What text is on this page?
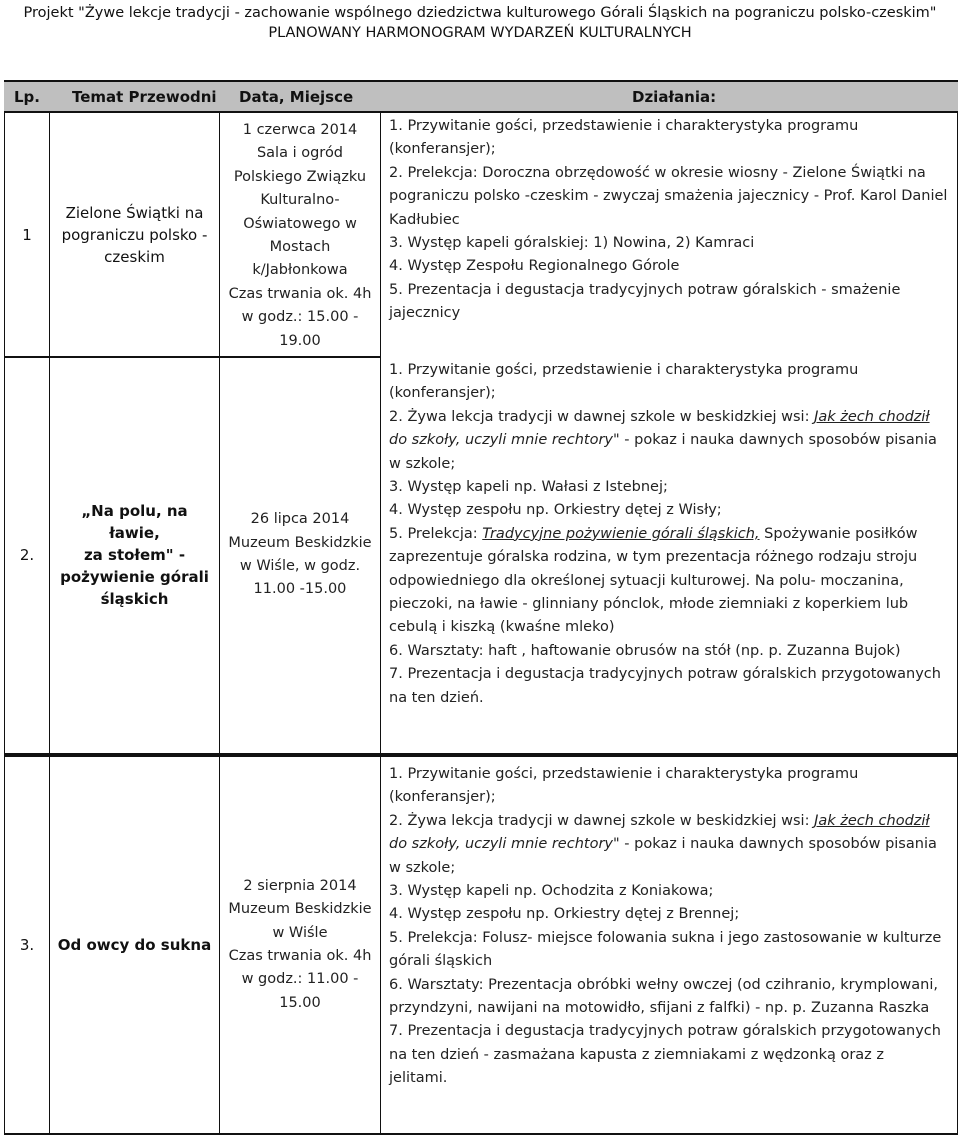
Projekt "Żywe lekcje tradycji - zachowanie wspólnego dziedzictwa kulturowego Górali Śląskich na pograniczu polsko-czeskim"
PLANOWANY HARMONOGRAM WYDARZEŃ KULTURALNYCH
Lp. Temat Przewodni Data, Miejsce	Działania:
1
Zielone Świątki na
pograniczu polsko -
czeskim
1 czerwca 2014
Sala i ogród
Polskiego Związku
Kulturalno-
Oświatowego w
Mostach
k/Jabłonkowa
Czas trwania ok. 4h
w godz.: 15.00 -
19.00
1. Przywitanie gości, przedstawienie i charakterystyka programu
(konferansjer);
2. Prelekcja: Doroczna obrzędowość w okresie wiosny - Zielone Świątki na
pograniczu polsko -czeskim - zwyczaj smażenia jajecznicy - Prof. Karol Daniel
Kadłubiec
3. Występ kapeli góralskiej: 1) Nowina, 2) Kamraci
4. Występ Zespołu Regionalnego Górole
5. Prezentacja i degustacja tradycyjnych potraw góralskich - smażenie
jajecznicy
2.
„Na polu, na ławie,
za stołem" -
pożywienie górali
śląskich
26 lipca 2014
Muzeum Beskidzkie
w Wiśle, w godz.
11.00 -15.00
1. Przywitanie gości, przedstawienie i charakterystyka programu
(konferansjer);
2. Żywa lekcja tradycji w dawnej szkole w beskidzkiej wsi: Jak żech chodził
do szkoły, uczyli mnie rechtory" - pokaz i nauka dawnych sposobów pisania
w szkole;
3. Występ kapeli np. Wałasi z Istebnej;
4. Występ zespołu np. Orkiestry dętej z Wisły;
5. Prelekcja: Tradycyjne pożywienie górali śląskich, Spożywanie posiłków
zaprezentuje góralska rodzina, w tym prezentacja różnego rodzaju stroju
odpowiedniego dla określonej sytuacji kulturowej. Na polu- moczanina,
pieczoki, na ławie - glinniany pónclok, młode ziemniaki z koperkiem lub
cebulą i kiszką (kwaśne mleko)
6. Warsztaty: haft , haftowanie obrusów na stół (np. p. Zuzanna Bujok)
7. Prezentacja i degustacja tradycyjnych potraw góralskich przygotowanych
na ten dzień.
3. Od owcy do sukna
2 sierpnia 2014
Muzeum Beskidzkie
w Wiśle
Czas trwania ok. 4h
w godz.: 11.00 -
15.00
1. Przywitanie gości, przedstawienie i charakterystyka programu
(konferansjer);
2. Żywa lekcja tradycji w dawnej szkole w beskidzkiej wsi: Jak żech chodził
do szkoły, uczyli mnie rechtory" - pokaz i nauka dawnych sposobów pisania
w szkole;
3. Występ kapeli np. Ochodzita z Koniakowa;
4. Występ zespołu np. Orkiestry dętej z Brennej;
5. Prelekcja: Folusz- miejsce folowania sukna i jego zastosowanie w kulturze
górali śląskich
6. Warsztaty: Prezentacja obróbki wełny owczej (od czihranio, krymplowani,
przyndzyni, nawijani na motowidło, sfijani z falfki) - np. p. Zuzanna Raszka
7. Prezentacja i degustacja tradycyjnych potraw góralskich przygotowanych
na ten dzień - zasmażana kapusta z ziemniakami z wędzonką oraz z
jelitami.
